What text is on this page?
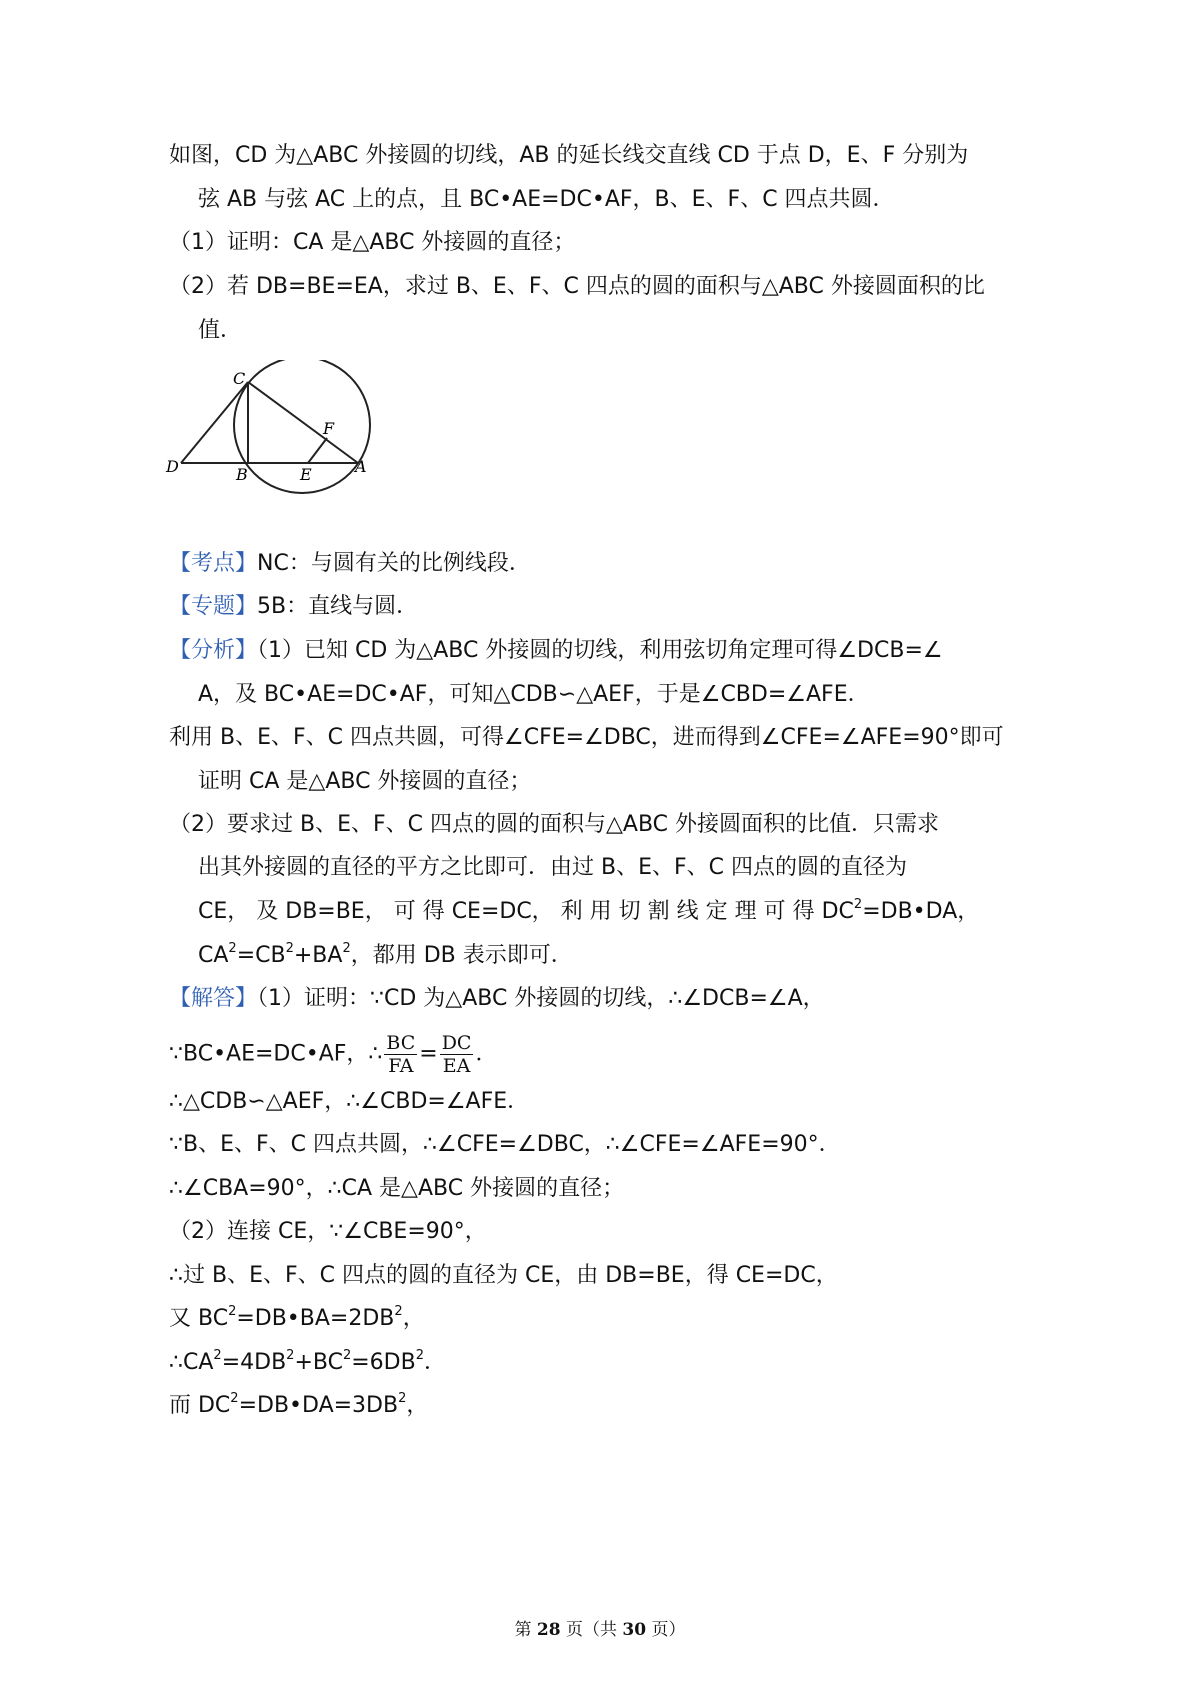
如图，CD 为△ABC 外接圆的切线，AB 的延长线交直线 CD 于点 D，E、F 分别为
弦 AB 与弦 AC 上的点，且 BC•AE=DC•AF，B、E、F、C 四点共圆．
（1）证明：CA 是△ABC 外接圆的直径；
（2）若 DB=BE=EA，求过 B、E、F、C 四点的圆的面积与△ABC 外接圆面积的比
值．
C
F
D	B	E	A
【考点】NC：与圆有关的比例线段．
【专题】5B：直线与圆．
【分析】（1）已知 CD 为△ABC 外接圆的切线，利用弦切角定理可得∠DCB=∠
A，及 BC•AE=DC•AF，可知△CDB∽△AEF，于是∠CBD=∠AFE．
利用 B、E、F、C 四点共圆，可得∠CFE=∠DBC，进而得到∠CFE=∠AFE=90°即可
证明 CA 是△ABC 外接圆的直径；
（2）要求过 B、E、F、C 四点的圆的面积与△ABC 外接圆面积的比值．只需求
出其外接圆的直径的平方之比即可．由过 B、E、F、C 四点的圆的直径为
CE， 及 DB=BE， 可 得 CE=DC， 利 用 切 割 线 定 理 可 得 $DC^2=DB•DA$，
$CA^2=CB^2+BA^2$，都用 DB 表示即可．
【解答】（1）证明：∵CD 为△ABC 外接圆的切线，∴∠DCB=∠A，
∵BC•AE=DC•AF，∴ $\frac{BC}{FA} = \frac{DC}{EA}$ ．
∴△CDB∽△AEF，∴∠CBD=∠AFE．
∵B、E、F、C 四点共圆，∴∠CFE=∠DBC，∴∠CFE=∠AFE=90°．
∴∠CBA=90°，∴CA 是△ABC 外接圆的直径；
（2）连接 CE，∵∠CBE=90°，
∴过 B、E、F、C 四点的圆的直径为 CE，由 DB=BE，得 CE=DC，
又 $BC^2=DB•BA=2DB^2$，
$\therefore CA^2=4DB^2+BC^2=6DB^2$．
而 $DC^2=DB•DA=3DB^2$，
第 28 页（共 30 页）
